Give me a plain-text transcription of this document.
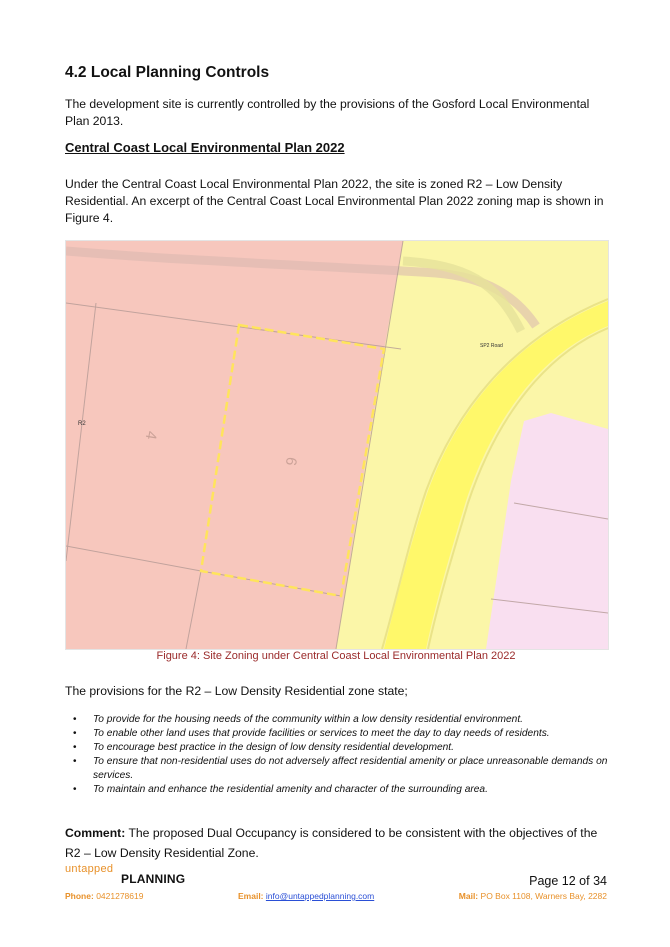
4.2 Local Planning Controls
The development site is currently controlled by the provisions of the Gosford Local Environmental Plan 2013.
Central Coast Local Environmental Plan 2022
Under the Central Coast Local Environmental Plan 2022, the site is zoned R2 – Low Density Residential. An excerpt of the Central Coast Local Environmental Plan 2022 zoning map is shown in Figure 4.
R2
SP2 Road
4
6
Figure 4: Site Zoning under Central Coast Local Environmental Plan 2022
The provisions for the R2 – Low Density Residential zone state;
• To provide for the housing needs of the community within a low density residential environment.
• To enable other land uses that provide facilities or services to meet the day to day needs of residents.
• To encourage best practice in the design of low density residential development.
• To ensure that non-residential uses do not adversely affect residential amenity or place unreasonable demands on services.
• To maintain and enhance the residential amenity and character of the surrounding area.
Comment: The proposed Dual Occupancy is considered to be consistent with the objectives of the R2 – Low Density Residential Zone.
untapped
PLANNING	Page 12 of 34
Phone: 0421278619	Email: info@untappedplanning.com	Mail: PO Box 1108, Warners Bay, 2282
